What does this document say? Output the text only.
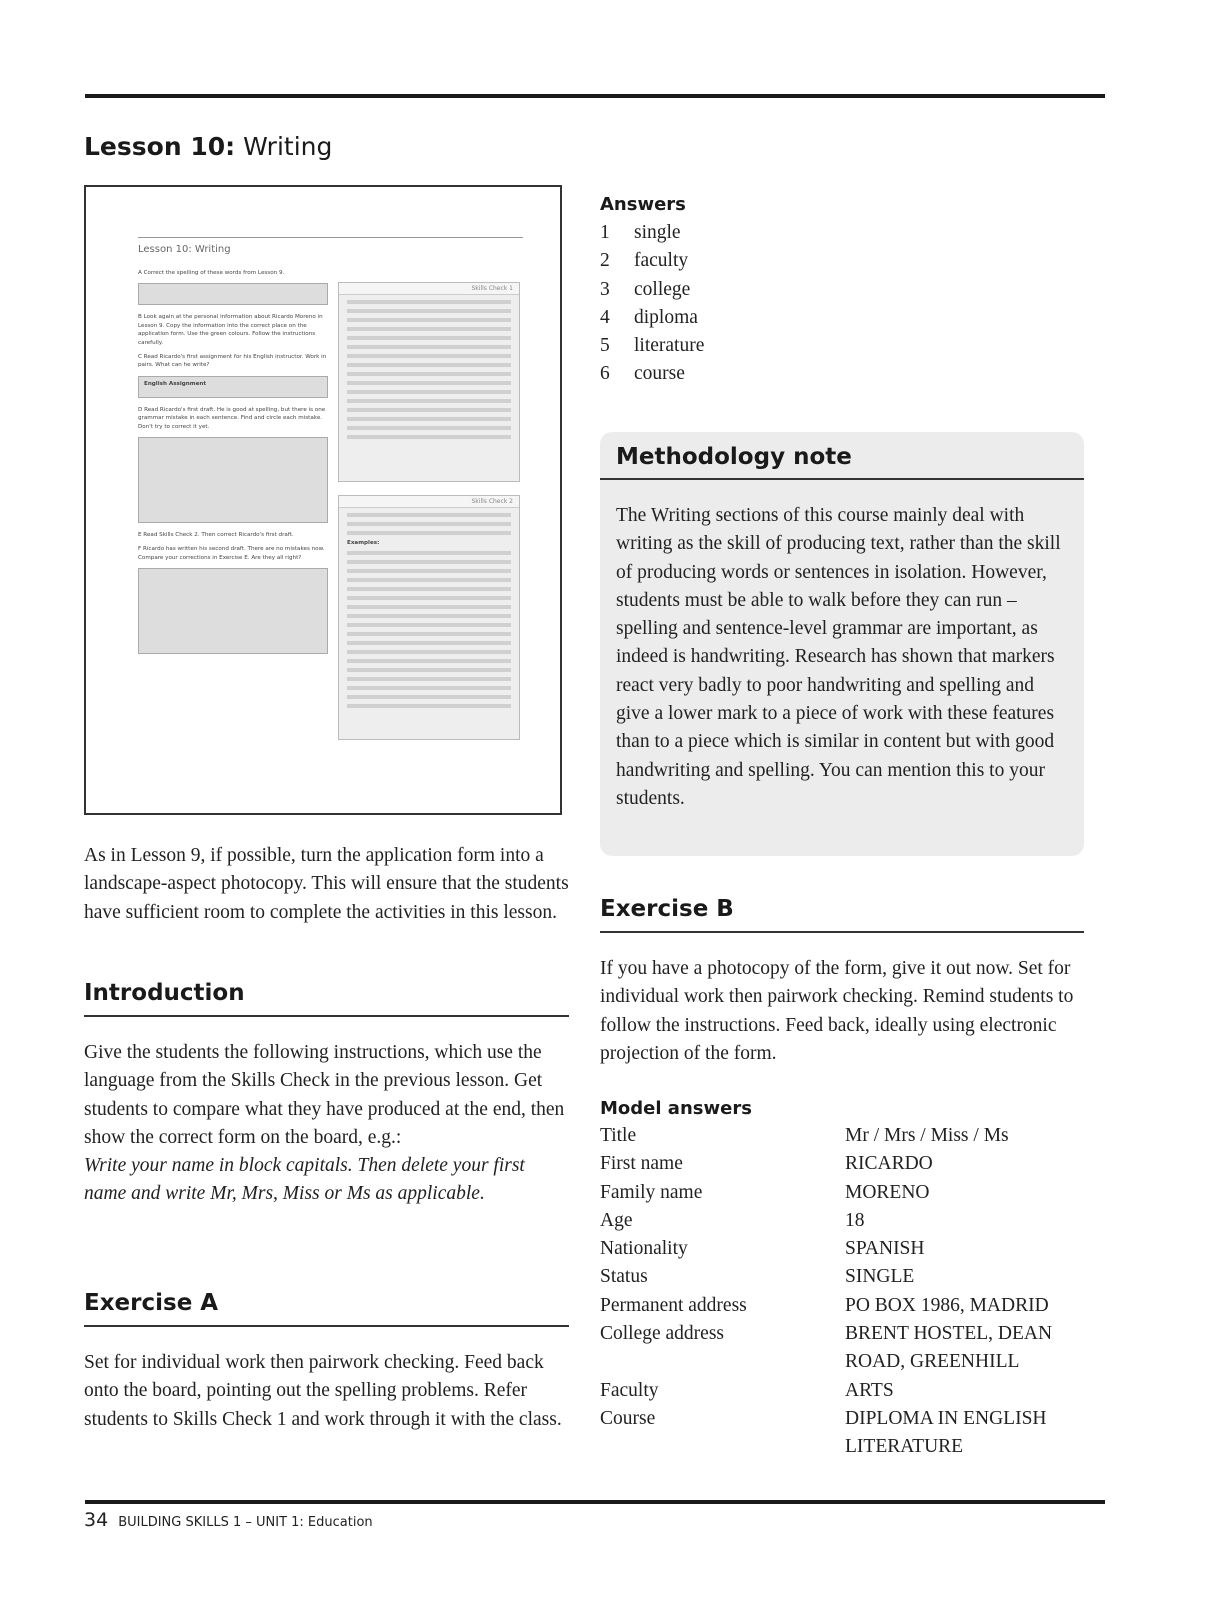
Lesson 10: Writing
Lesson 10: Writing

A Correct the spelling of these words from Lesson 9.

B Look again at the personal information about Ricardo Moreno in Lesson 9. Copy the information into the correct place on the application form. Use the green colours. Follow the instructions carefully.

C Read Ricardo's first assignment for his English instructor. Work in pairs. What can he write?

English Assignment

D Read Ricardo's first draft. He is good at spelling, but there is one grammar mistake in each sentence. Find and circle each mistake. Don't try to correct it yet.

E Read Skills Check 2. Then correct Ricardo's first draft.

F Ricardo has written his second draft. There are no mistakes now. Compare your corrections in Exercise E. Are they all right?

Skills Check 1
Skills Check 2
Examples:
As in Lesson 9, if possible, turn the application form into a landscape-aspect photocopy. This will ensure that the students have sufficient room to complete the activities in this lesson.
Introduction
Give the students the following instructions, which use the language from the Skills Check in the previous lesson. Get students to compare what they have produced at the end, then show the correct form on the board, e.g.:
Write your name in block capitals. Then delete your first name and write Mr, Mrs, Miss or Ms as applicable.
Exercise A
Set for individual work then pairwork checking. Feed back onto the board, pointing out the spelling problems. Refer students to Skills Check 1 and work through it with the class.
Answers
1	single
2	faculty
3	college
4	diploma
5	literature
6	course
Methodology note
The Writing sections of this course mainly deal with writing as the skill of producing text, rather than the skill of producing words or sentences in isolation. However, students must be able to walk before they can run – spelling and sentence-level grammar are important, as indeed is handwriting. Research has shown that markers react very badly to poor handwriting and spelling and give a lower mark to a piece of work with these features than to a piece which is similar in content but with good handwriting and spelling. You can mention this to your students.
Exercise B
If you have a photocopy of the form, give it out now. Set for individual work then pairwork checking. Remind students to follow the instructions. Feed back, ideally using electronic projection of the form.
Model answers
Title	Mr / Mrs / Miss / Ms
First name	RICARDO
Family name	MORENO
Age	18
Nationality	SPANISH
Status	SINGLE
Permanent address	PO BOX 1986, MADRID
College address	BRENT HOSTEL, DEAN ROAD, GREENHILL
Faculty	ARTS
Course	DIPLOMA IN ENGLISH LITERATURE
34 BUILDING SKILLS 1 – UNIT 1: Education
